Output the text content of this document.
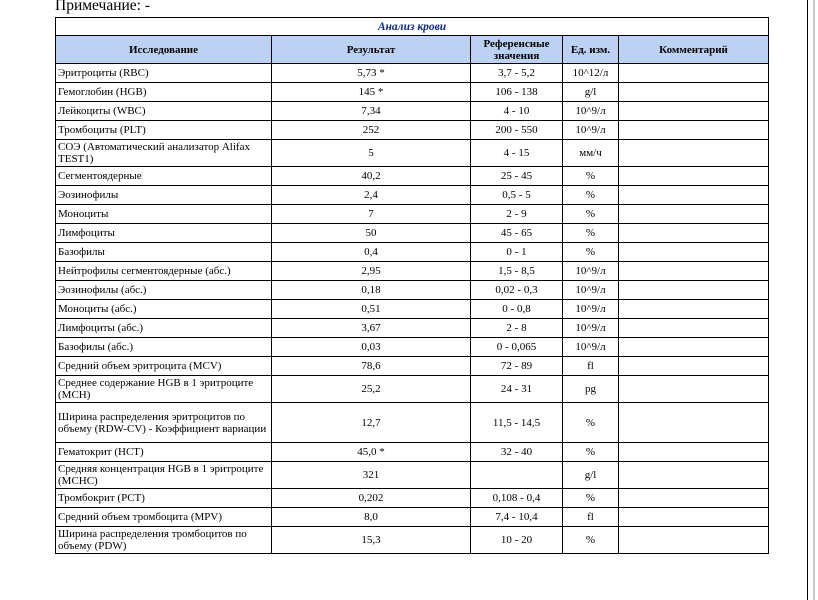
Примечание: -
Анализ крови				
Исследование	Результат	Референсные значения	Ед. изм.	Комментарий
Эритроциты (RBC)	5,73 *	3,7 - 5,2	10^12/л	
Гемоглобин (HGB)	145 *	106 - 138	g/l	
Лейкоциты (WBC)	7,34	4 - 10	10^9/л	
Тромбоциты (PLT)	252	200 - 550	10^9/л	
СОЭ (Автоматический анализатор Alifax TEST1)	5	4 - 15	мм/ч	
Сегментоядерные	40,2	25 - 45	%	
Эозинофилы	2,4	0,5 - 5	%	
Моноциты	7	2 - 9	%	
Лимфоциты	50	45 - 65	%	
Базофилы	0,4	0 - 1	%	
Нейтрофилы сегментоядерные (абс.)	2,95	1,5 - 8,5	10^9/л	
Эозинофилы (абс.)	0,18	0,02 - 0,3	10^9/л	
Моноциты (абс.)	0,51	0 - 0,8	10^9/л	
Лимфоциты (абс.)	3,67	2 - 8	10^9/л	
Базофилы (абс.)	0,03	0 - 0,065	10^9/л	
Средний объем эритроцита (MCV)	78,6	72 - 89	fl	
Среднее содержание HGB в 1 эритроците (MCH)	25,2	24 - 31	pg	
Ширина распределения эритроцитов по объему (RDW-CV) - Коэффициент вариации	12,7	11,5 - 14,5	%	
Гематокрит (HCT)	45,0 *	32 - 40	%	
Средняя концентрация HGB в 1 эритроците (MCHC)	321		g/l	
Тромбокрит (PCT)	0,202	0,108 - 0,4	%	
Средний объем тромбоцита (MPV)	8,0	7,4 - 10,4	fl	
Ширина распределения тромбоцитов по объему (PDW)	15,3	10 - 20	%	
